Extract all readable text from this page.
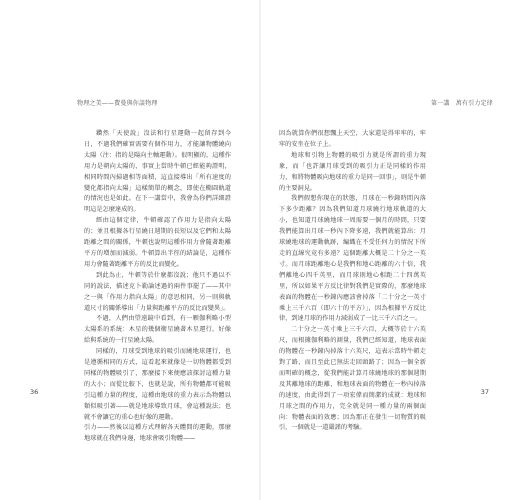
物理之美——費曼與你談物理

鑽然「天使說」沒法和行星運動一起留存到今日，不過我們確實需要有個作用力，才能讓物體繞向太陽（注：指的是陽向主軸運動）。很明顯的，這種作用力是朝向太陽的，事實上當時牛頓已經能夠證明，相同時間內掃過相等面積，這直接導出「所有速度的變化都指向太陽」這樣簡單的概念，即使在橢圓軌道的情況也是如此。在下一講當中，我會為你們詳細證明這是怎麼達成的。

經由這個定律，牛頓確認了作用力是指向太陽的；並且根據各行星繞日週期的長短以及它們和太陽距離之間的關係，牛頓也說明這種作用力會隨著距離平方的增加而減弱。牛頓算出半徑的結論是，這種作用力會隨著距離平方的反比而變化。

到此為止，牛頓等於什麼都沒說；他只不過以不同的說法，描述克卜勒論述過的兩件事罷了——其中之一與「作用力指向太陽」的意思相同，另一則與軌道尺寸的關係導出「力量與距離平方的反比而變異」。

不過，人們由望遠鏡中看到，有一顆伽利略小型太陽系的系統：木星的幾個衛星繞著木星運行，好像給與系統的一行星繞太陽。

同樣的，月球受到地球的吸引而繞地球運行，也是遵循相同的方式，這看起來就像是一切物體都受到同樣的物體吸引了，那麼接下來便應該探討這種力量的大小；而從比較下，也就是說，所有物體都可能吸引這種力量的程度，這種由地球的重力表示為物體以類似吸引著——就是地球導致月球，會這種說法；也就不會讓它的重心也好像的運動。

引力——然後以這種方式理解各天體間的運動，那麼地球就在我們身邊，地球會吸引物體——

36
第一講　萬有引力定律

因為就算你們很想飄上天空，大家還是得牢牢的，牢牢的安坐在位子上。

地球和引物上物體的吸引力就是所謂的重力現象，而「也許讓月球受到的吸引力正是同樣的作用力，和將物體吸向地球的重力是同一回事」，則是牛頓的主要洞見。

我們假想你現在的狀態，月球在一秒鐘時間內落下多少距離？因為我們知道月球繞行地球軌道的大小，也知道月球繞地球一周需要一個月的時間，只要我們能算出月球一秒內下降多遠，我們就能算出：月球繞地球的運動軌跡，編織在不受任何力的情況下所走的直線究竟有多遠？這個距離大概是二十分之一英寸。而月球距離地心是我們和地心距離的六十倍，我們離地心四千英里，而月球則地心相距二十四萬英里，所以如果平方反比律對我們是實際的，那麼地球表面的物體在一秒鐘內應該會掉落「二十分之一英寸乘上三千六百（即六十的平方）」，因為根據平方反比律，到達月球的作用力減弱成了一比三千六百之一。

二十分之一英寸乘上三千六百，大概等於十六英尺，而根據伽利略的測量，我們已經知道，地球表面的物體在一秒鐘內掉落十六英尺，這表示當時牛頓走對了路，而且至此已無法走回頭路了；因為一個全新而明確的概念，從我們能計算月球繞地球的那個週期及其離地球的距離，和地球表面的物體在一秒內掉落的速度，由此得到了一項宏偉而簡潔的成就：地球和月球之間的作用力，完全就是同一種力量的兩個面向：物體表面的效應；因為那正在發生一切物質的吸引，一個就是一道嚴謹的考驗。

37
